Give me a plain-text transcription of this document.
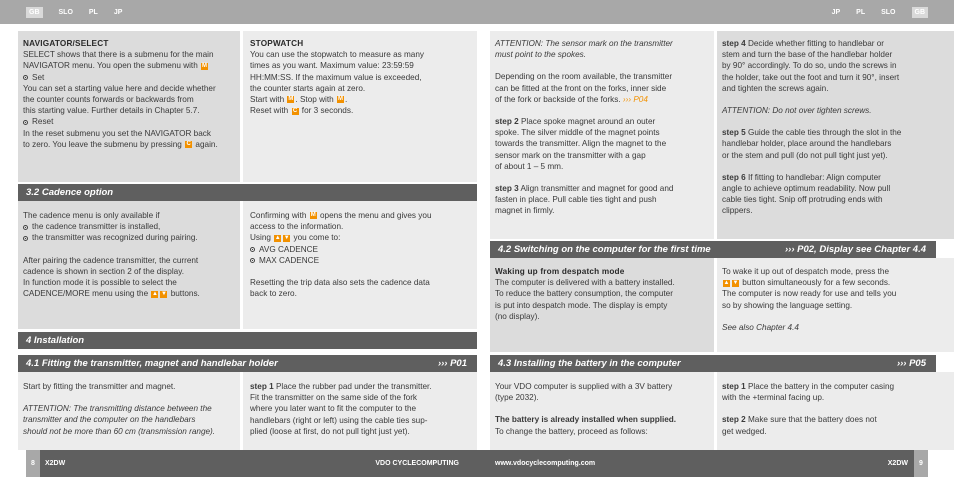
GB	SLO PL JP	JP PL SLO	GB

NAVIGATOR/SELECT

SELECT shows that there is a submenu for the main

NAVIGATOR menu. You open the submenu with M

Set

You can set a starting value here and decide whether

the counter counts forwards or backwards from

this starting value. Further details in Chapter 5.7.

Reset

In the reset submenu you set the NAVIGATOR back

to zero. You leave the submenu by pressing C again.

STOPWATCH

You can use the stopwatch to measure as many

times as you want. Maximum value: 23:59:59

HH:MM:SS. If the maximum value is exceeded,

the counter starts again at zero.

Start with M . Stop with M .

Reset with C for 3 seconds.

3.2 Cadence option

The cadence menu is only available if

the cadence transmitter is installed,

the transmitter was recognized during pairing.

After pairing the cadence transmitter, the current

cadence is shown in section 2 of the display.

In function mode it is possible to select the

CADENCE/MORE menu using the ▲ ▼ buttons.

Confirming with M opens the menu and gives you

access to the information.

Using ▲ ▼ you come to:

AVG CADENCE

MAX CADENCE

Resetting the trip data also sets the cadence data

back to zero.

4 Installation
4.1 Fitting the transmitter, magnet and handlebar holder	››› P01

Start by fitting the transmitter and magnet.

ATTENTION: The transmitting distance between the

transmitter and the computer on the handlebars

should not be more than 60 cm (transmission range).

step 1 Place the rubber pad under the transmitter.

Fit the transmitter on the same side of the fork

where you later want to fit the computer to the

handlebars (right or left) using the cable ties sup-

plied (loose at first, do not pull tight just yet).

ATTENTION: The sensor mark on the transmitter

must point to the spokes.

Depending on the room available, the transmitter

can be fitted at the front on the forks, inner side

of the fork or backside of the forks. ››› P04

step 2 Place spoke magnet around an outer

spoke. The silver middle of the magnet points

towards the transmitter. Align the magnet to the

sensor mark on the transmitter with a gap

of about 1 – 5 mm.

step 3 Align transmitter and magnet for good and

fasten in place. Pull cable ties tight and push

magnet in firmly.

step 4 Decide whether fitting to handlebar or

stem and turn the base of the handlebar holder

by 90° accordingly. To do so, undo the screws in

the holder, take out the foot and turn it 90°, insert

and tighten the screws again.

ATTENTION: Do not over tighten screws.

step 5 Guide the cable ties through the slot in the

handlebar holder, place around the handlebars

or the stem and pull (do not pull tight just yet).

step 6 If fitting to handlebar: Align computer

angle to achieve optimum readability. Now pull

cable ties tight. Snip off protruding ends with

clippers.

4.2 Switching on the computer for the first time	››› P02, Display see Chapter 4.4

Waking up from despatch mode

The computer is delivered with a battery installed.

To reduce the battery consumption, the computer

is put into despatch mode. The display is empty

(no display).

To wake it up out of despatch mode, press the

▲ ▼ button simultaneously for a few seconds.

The computer is now ready for use and tells you

so by showing the language setting.

See also Chapter 4.4

4.3 Installing the battery in the computer	››› P05

Your VDO computer is supplied with a 3V battery

(type 2032).

The battery is already installed when supplied.

To change the battery, proceed as follows:

step 1 Place the battery in the computer casing

with the +terminal facing up.

step 2 Make sure that the battery does not

get wedged.

8	X2DW	VDO CYCLECOMPUTING	www.vdocyclecomputing.com	X2DW	9
